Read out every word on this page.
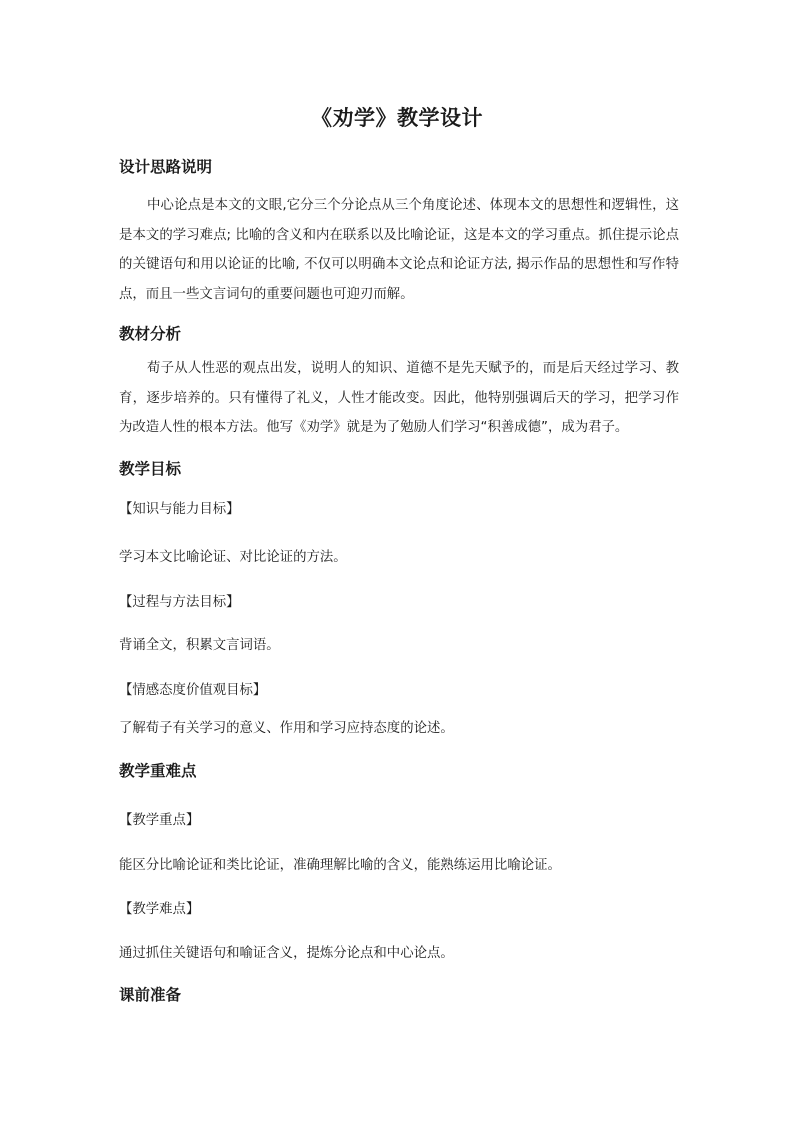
《劝学》教学设计
设计思路说明
中心论点是本文的文眼,它分三个分论点从三个角度论述、体现本文的思想性和逻辑性，这是本文的学习难点; 比喻的含义和内在联系以及比喻论证，这是本文的学习重点。抓住提示论点的关键语句和用以论证的比喻, 不仅可以明确本文论点和论证方法, 揭示作品的思想性和写作特点，而且一些文言词句的重要问题也可迎刃而解。
教材分析
荀子从人性恶的观点出发，说明人的知识、道德不是先天赋予的，而是后天经过学习、教育，逐步培养的。只有懂得了礼义，人性才能改变。因此，他特别强调后天的学习，把学习作为改造人性的根本方法。他写《劝学》就是为了勉励人们学习“积善成德”，成为君子。
教学目标
【知识与能力目标】
学习本文比喻论证、对比论证的方法。
【过程与方法目标】
背诵全文，积累文言词语。
【情感态度价值观目标】
了解荀子有关学习的意义、作用和学习应持态度的论述。
教学重难点
【教学重点】
能区分比喻论证和类比论证，准确理解比喻的含义，能熟练运用比喻论证。
【教学难点】
通过抓住关键语句和喻证含义，提炼分论点和中心论点。
课前准备
